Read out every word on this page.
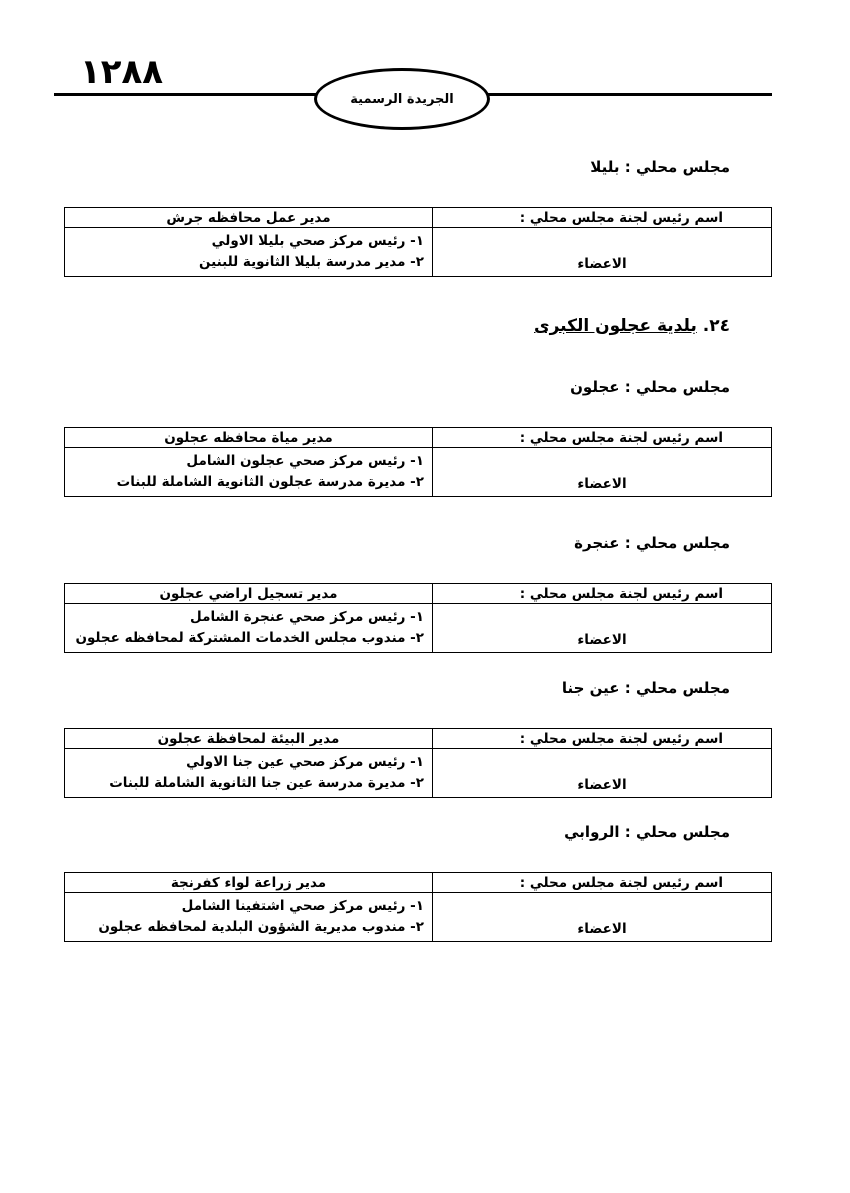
١٢٨٨
الجريدة الرسمية
مجلس محلي : بليلا
اسم رئيس لجنة مجلس محلي :	مدير عمل محافظه جرش
الاعضاء	١- رئيس مركز صحي بليلا الاولي
٢- مدير مدرسة بليلا الثانوية للبنين
٢٤. بلدية عجلون الكبرى
مجلس محلي : عجلون
اسم رئيس لجنة مجلس محلي :	مدير مياة محافظه عجلون
الاعضاء	١- رئيس مركز صحي عجلون الشامل
٢- مديرة مدرسة عجلون الثانوية الشاملة للبنات
مجلس محلي : عنجرة
اسم رئيس لجنة مجلس محلي :	مدير تسجيل اراضي عجلون
الاعضاء	١- رئيس مركز صحي عنجرة الشامل
٢- مندوب مجلس الخدمات المشتركة لمحافظه عجلون
مجلس محلي : عين جنا
اسم رئيس لجنة مجلس محلي :	مدير البيئة لمحافظة عجلون
الاعضاء	١- رئيس مركز صحي عين جنا الاولي
٢- مديرة مدرسة عين جنا الثانوية الشاملة للبنات
مجلس محلي : الروابي
اسم رئيس لجنة مجلس محلي :	مدير زراعة لواء كفرنجة
الاعضاء	١- رئيس مركز صحي اشتفينا الشامل
٢- مندوب مديرية الشؤون البلدية لمحافظه عجلون
